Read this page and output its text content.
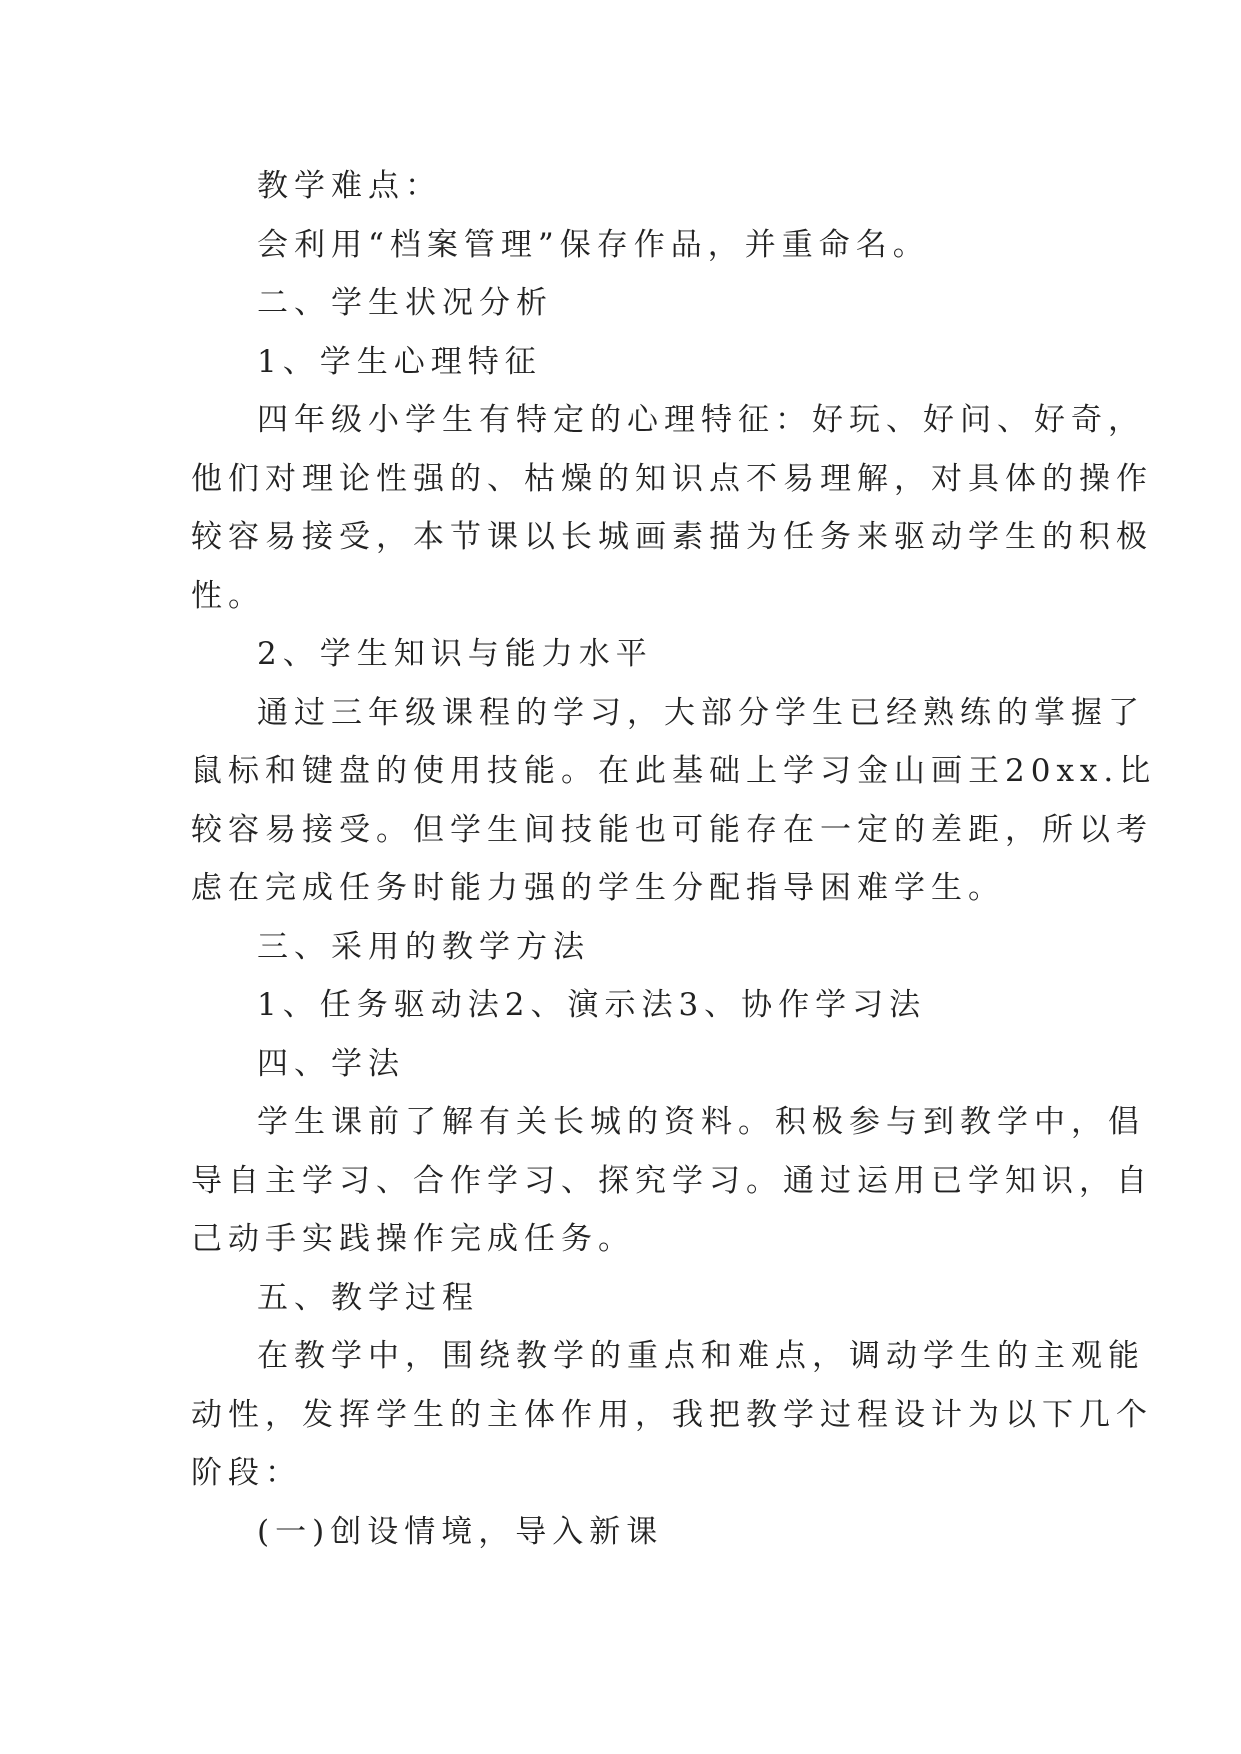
教学难点：
会利用“档案管理”保存作品，并重命名。
二、学生状况分析
1、学生心理特征
四年级小学生有特定的心理特征：好玩、好问、好奇，
他们对理论性强的、枯燥的知识点不易理解，对具体的操作
较容易接受，本节课以长城画素描为任务来驱动学生的积极
性。
2、学生知识与能力水平
通过三年级课程的学习，大部分学生已经熟练的掌握了
鼠标和键盘的使用技能。在此基础上学习金山画王20xx.比
较容易接受。但学生间技能也可能存在一定的差距，所以考
虑在完成任务时能力强的学生分配指导困难学生。
三、采用的教学方法
1、任务驱动法2、演示法3、协作学习法
四、学法
学生课前了解有关长城的资料。积极参与到教学中，倡
导自主学习、合作学习、探究学习。通过运用已学知识，自
己动手实践操作完成任务。
五、教学过程
在教学中，围绕教学的重点和难点，调动学生的主观能
动性，发挥学生的主体作用，我把教学过程设计为以下几个
阶段：
(一)创设情境，导入新课
